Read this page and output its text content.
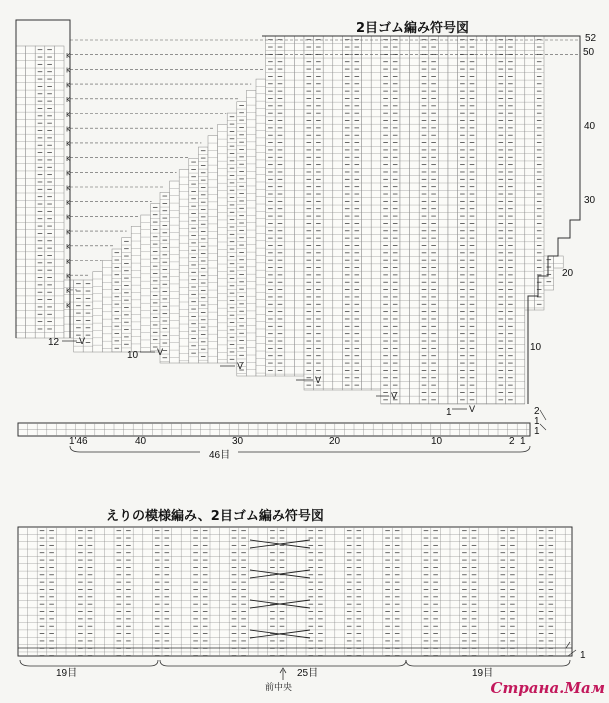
K
K
K
K
K
K
K
K
K
K
K
K
K
K
K
K
K
K
V
V
V
V
V
V
2目ゴム編み符号図
えりの模様編み、2目ゴム編み符号図
52
50
40
30
20
10
2
1
1
12
10
1
1'46	40	30	20	10	2 1
46目
1
19目	25目	19目
前中央	Страна.Мам
